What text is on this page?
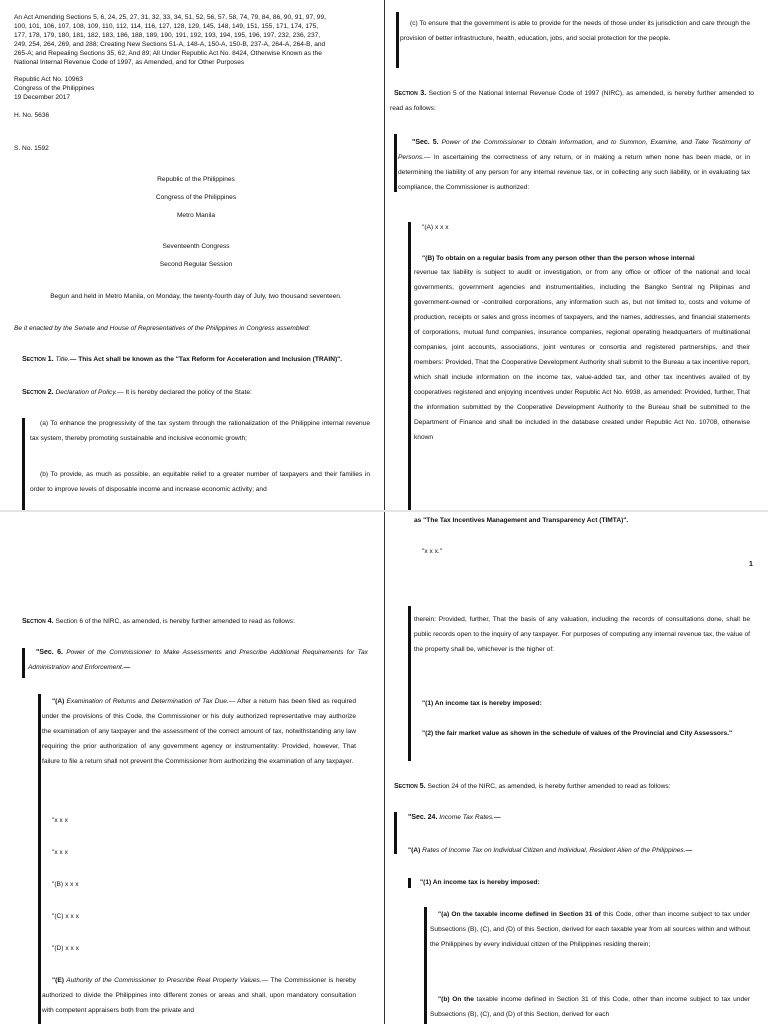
An Act Amending Sections 5, 6, 24, 25, 27, 31, 32, 33, 34, 51, 52, 56, 57, 58, 74, 79, 84, 86, 90, 91, 97, 99,
100, 101, 106, 107, 108, 109, 110, 112, 114, 116, 127, 128, 129, 145, 148, 149, 151, 155, 171, 174, 175,
177, 178, 179, 180, 181, 182, 183, 186, 188, 189, 190, 191, 192, 193, 194, 195, 196, 197, 232, 236, 237,
249, 254, 264, 269, and 288; Creating New Sections 51-A, 148-A, 150-A, 150-B, 237-A, 264-A, 264-B, and
265-A; and Repealing Sections 35, 62, And 89; All Under Republic Act No. 8424, Otherwise Known as the
National Internal Revenue Code of 1997, as Amended, and for Other Purposes
Republic Act No. 10963
Congress of the Philippines
19 December 2017
H. No. 5636
S. No. 1592
Republic of the Philippines
Congress of the Philippines
Metro Manila
Seventeenth Congress
Second Regular Session
Begun and held in Metro Manila, on Monday, the twenty-fourth day of July, two thousand seventeen.
Be it enacted by the Senate and House of Representatives of the Philippines in Congress assembled:
Section 1. Title.— This Act shall be known as the "Tax Reform for Acceleration and Inclusion (TRAIN)".
Section 2. Declaration of Policy.— It is hereby declared the policy of the State:
(a) To enhance the progressivity of the tax system through the rationalization of the Philippine internal revenue tax system, thereby promoting sustainable and inclusive economic growth;
(b) To provide, as much as possible, an equitable relief to a greater number of taxpayers and their families in order to improve levels of disposable income and increase economic activity; and
(c) To ensure that the government is able to provide for the needs of those under its jurisdiction and care through the provision of better infrastructure, health, education, jobs, and social protection for the people.
Section 3. Section 5 of the National Internal Revenue Code of 1997 (NIRC), as amended, is hereby further amended to read as follows:
"Sec. 5. Power of the Commissioner to Obtain Information, and to Summon, Examine, and Take Testimony of Persons.— In ascertaining the correctness of any return, or in making a return when none has been made, or in determining the liability of any person for any internal revenue tax, or in collecting any such liability, or in evaluating tax compliance, the Commissioner is authorized:
"(A) x x x
"(B) To obtain on a regular basis from any person other than the person whose internal
revenue tax liability is subject to audit or investigation, or from any office or officer of the national and local governments, government agencies and instrumentalities, including the Bangko Sentral ng Pilipinas and government-owned or -controlled corporations, any information such as, but not limited to, costs and volume of production, receipts or sales and gross incomes of taxpayers, and the names, addresses, and financial statements of corporations, mutual fund companies, insurance companies, regional operating headquarters of multinational companies, joint accounts, associations, joint ventures or consortia and registered partnerships, and their members: Provided, That the Cooperative Development Authority shall submit to the Bureau a tax incentive report, which shall include information on the income tax, value-added tax, and other tax incentives availed of by cooperatives registered and enjoying incentives under Republic Act No. 6938, as amended: Provided, further, That the information submitted by the Cooperative Development Authority to the Bureau shall be submitted to the Department of Finance and shall be included in the database created under Republic Act No. 10708, otherwise known
Section 4. Section 6 of the NIRC, as amended, is hereby further amended to read as follows:
"Sec. 6. Power of the Commissioner to Make Assessments and Prescribe Additional Requirements for Tax Administration and Enforcement.—
"(A) Examination of Returns and Determination of Tax Due.— After a return has been filed as required under the provisions of this Code, the Commissioner or his duly authorized representative may authorize the examination of any taxpayer and the assessment of the correct amount of tax, notwithstanding any law requiring the prior authorization of any government agency or instrumentality: Provided, however, That failure to file a return shall not prevent the Commissioner from authorizing the examination of any taxpayer.
"x x x
"x x x
"(B) x x x
"(C) x x x
"(D) x x x
"(E) Authority of the Commissioner to Prescribe Real Property Values.— The Commissioner is hereby authorized to divide the Philippines into different zones or areas and shall, upon mandatory consultation with competent appraisers both from the private and
therein: Provided, further, That the basis of any valuation, including the records of consultations done, shall be public records open to the inquiry of any taxpayer. For purposes of computing any internal revenue tax, the value of the property shall be, whichever is the higher of:
"(1) An income tax is hereby imposed:
"(2) the fair market value as shown in the schedule of values of the Provincial and City Assessors."
Section 5. Section 24 of the NIRC, as amended, is hereby further amended to read as follows:
"Sec. 24. Income Tax Rates.—
"(A) Rates of Income Tax on Individual Citizen and Individual, Resident Alien of the Philippines.—
"(1) An income tax is hereby imposed:
"(a) On the taxable income defined in Section 31 of this Code, other than income subject to tax under Subsections (B), (C), and (D) of this Section, derived for each taxable year from all sources within and without the Philippines by every individual citizen of the Philippines residing therein;
"(b) On the taxable income defined in Section 31 of this Code, other than income subject to tax under Subsections (B), (C), and (D) of this Section, derived for each
as "The Tax Incentives Management and Transparency Act (TIMTA)".
"x x x."
1
